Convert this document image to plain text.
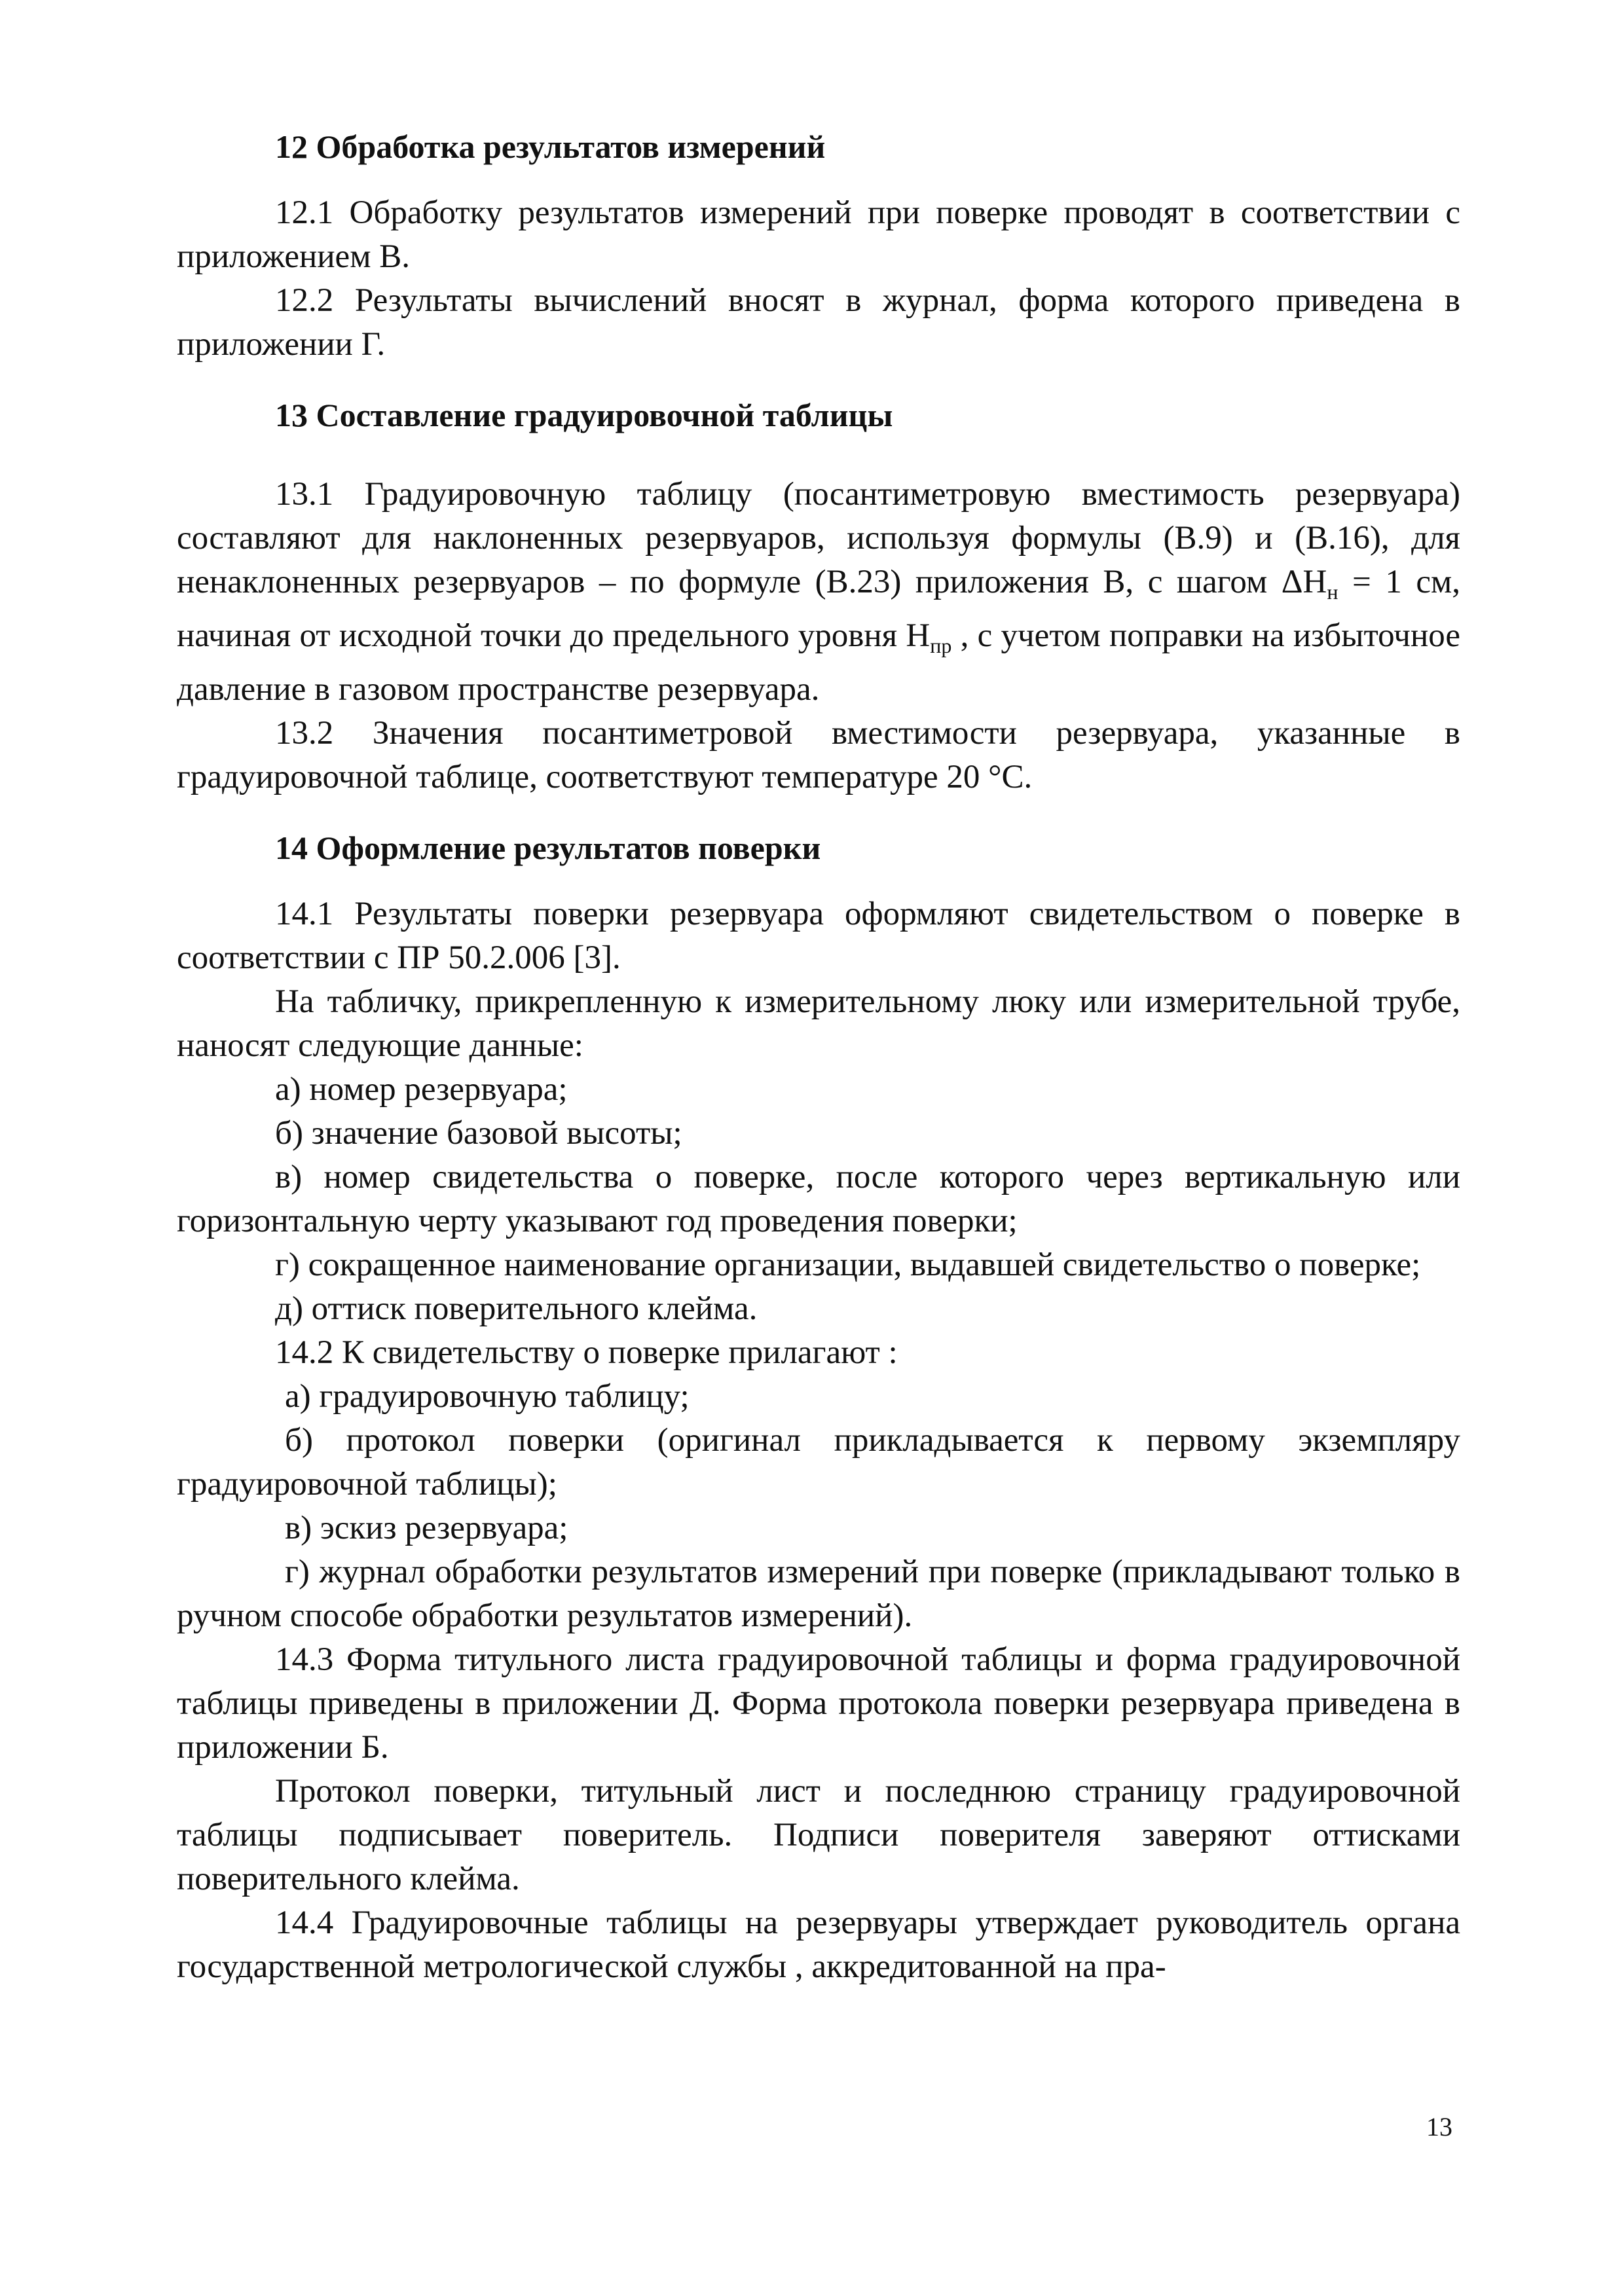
12 Обработка результатов измерений

12.1 Обработку результатов измерений при поверке проводят в соответствии с приложением В.

12.2 Результаты вычислений вносят в журнал, форма которого приведена в приложении Г.

13 Составление градуировочной таблицы

13.1 Градуировочную таблицу (посантиметровую вместимость резервуара) составляют для наклоненных резервуаров, используя формулы (В.9) и (В.16), для ненаклоненных резервуаров – по формуле (В.23) приложения В, с шагом ΔНн = 1 см, начиная от исходной точки до предельного уровня Нпр , с учетом поправки на избыточное давление в газовом пространстве резервуара.

13.2 Значения посантиметровой вместимости резервуара, указанные в градуировочной таблице, соответствуют температуре 20 °С.

14 Оформление результатов поверки

14.1 Результаты поверки резервуара оформляют свидетельством о поверке в соответствии с ПР 50.2.006 [3].

На табличку, прикрепленную к измерительному люку или измерительной трубе, наносят следующие данные:

а) номер резервуара;

б) значение базовой высоты;

в) номер свидетельства о поверке, после которого через вертикальную или горизонтальную черту указывают год проведения поверки;

г) сокращенное наименование организации, выдавшей свидетельство о поверке;

д) оттиск поверительного клейма.

14.2 К свидетельству о поверке прилагают :

а) градуировочную таблицу;

б) протокол поверки (оригинал прикладывается к первому экземпляру градуировочной таблицы);

в) эскиз резервуара;

г) журнал обработки результатов измерений при поверке (прикладывают только в ручном способе обработки результатов измерений).

14.3 Форма титульного листа градуировочной таблицы и форма градуировочной таблицы приведены в приложении Д. Форма протокола поверки резервуара приведена в приложении Б.

Протокол поверки, титульный лист и последнюю страницу градуировочной таблицы подписывает поверитель. Подписи поверителя заверяют оттисками поверительного клейма.

14.4 Градуировочные таблицы на резервуары утверждает руководитель органа государственной метрологической службы , аккредитованной на пра-

13
